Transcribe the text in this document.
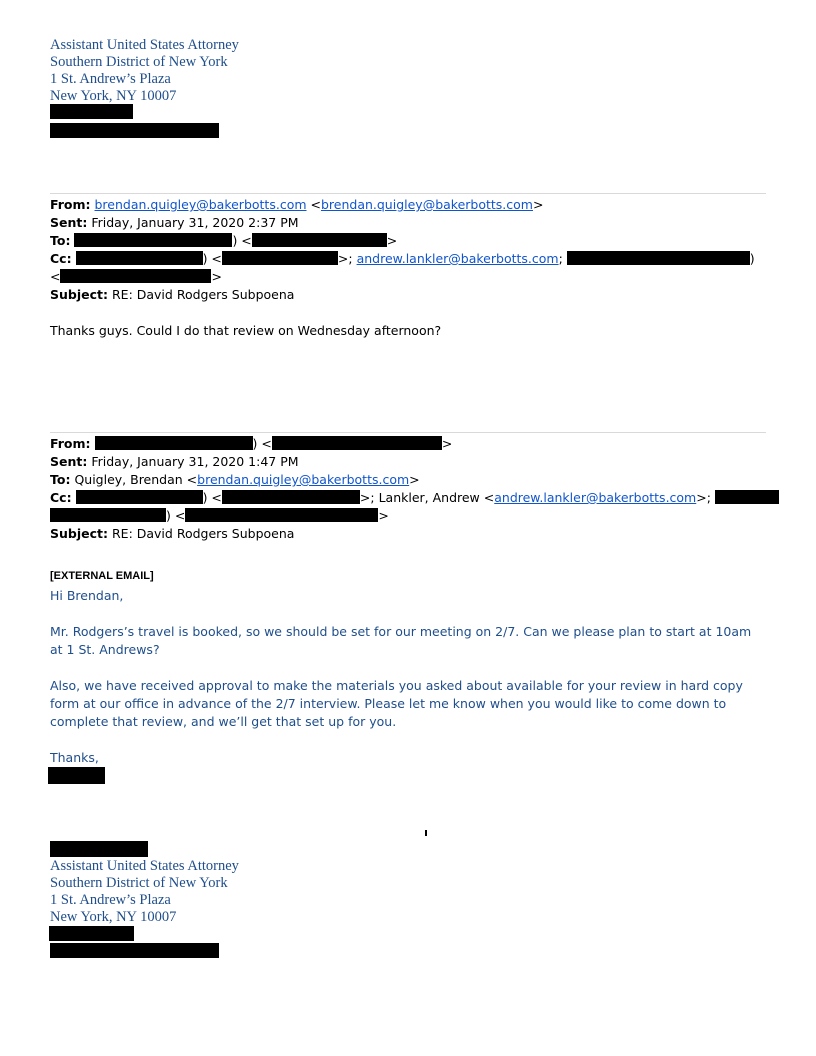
Assistant United States Attorney
Southern District of New York
1 St. Andrew’s Plaza
New York, NY 10007
From: brendan.quigley@bakerbotts.com <brendan.quigley@bakerbotts.com>
Sent: Friday, January 31, 2020 2:37 PM
To:	) <	>
Cc:	) <	>; andrew.lankler@bakerbotts.com;	)
<	>
Subject: RE: David Rodgers Subpoena
Thanks guys. Could I do that review on Wednesday afternoon?
From:	) <	>
Sent: Friday, January 31, 2020 1:47 PM
To: Quigley, Brendan <brendan.quigley@bakerbotts.com>
Cc:	) <	>; Lankler, Andrew <andrew.lankler@bakerbotts.com>;
) <	>
Subject: RE: David Rodgers Subpoena
[EXTERNAL EMAIL]
Hi Brendan,
Mr. Rodgers’s travel is booked, so we should be set for our meeting on 2/7. Can we please plan to start at 10am at 1 St. Andrews?
Also, we have received approval to make the materials you asked about available for your review in hard copy form at our office in advance of the 2/7 interview. Please let me know when you would like to come down to complete that review, and we’ll get that set up for you.
Thanks,
Assistant United States Attorney
Southern District of New York
1 St. Andrew’s Plaza
New York, NY 10007
